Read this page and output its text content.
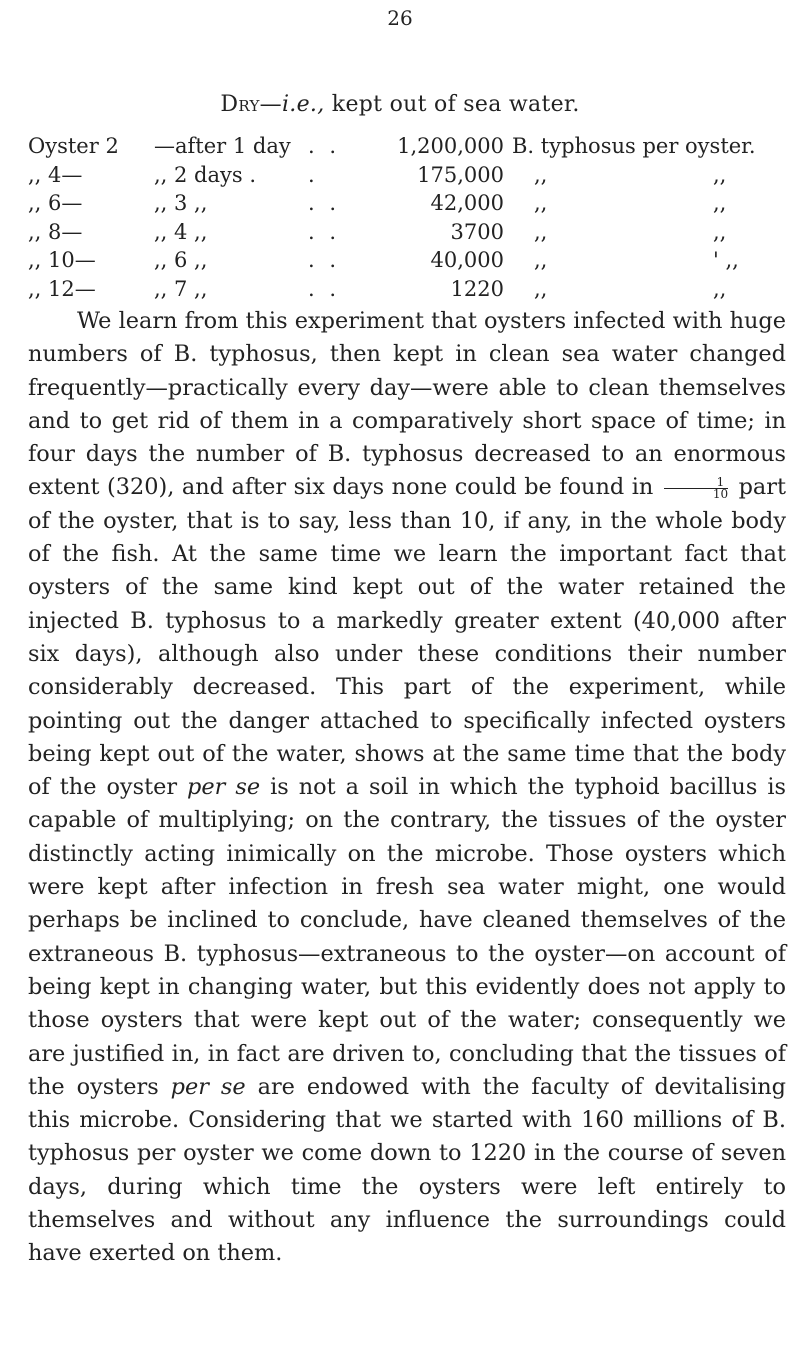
26
Dry—i.e., kept out of sea water.
Oyster 2 —after 1 day . .	1,200,000 B. typhosus per oyster.
,, 4—	,, 2 days . .	175,000 ,,	,,
,, 6—	,, 3 ,,	. .	42,000 ,,	,,
,, 8—	,, 4 ,,	. .	3700 ,,	,,
,, 10—	,, 6 ,,	. .	40,000 ,,	' ,,
,, 12—	,, 7 ,,	. .	1220 ,,	,,

We learn from this experiment that oysters infected with huge numbers of B. typhosus, then kept in clean sea water changed frequently—practically every day—were able to clean themselves and to get rid of them in a comparatively short space of time; in four days the number of B. typhosus decreased to an enormous extent (320), and after six days none could be found in $\frac{1}{10}$ part of the oyster, that is to say, less than 10, if any, in the whole body of the fish. At the same time we learn the important fact that oysters of the same kind kept out of the water retained the injected B. typhosus to a markedly greater extent (40,000 after six days), although also under these conditions their number considerably decreased. This part of the experiment, while pointing out the danger attached to specifically infected oysters being kept out of the water, shows at the same time that the body of the oyster per se is not a soil in which the typhoid bacillus is capable of multiplying; on the contrary, the tissues of the oyster distinctly acting inimically on the microbe. Those oysters which were kept after infection in fresh sea water might, one would perhaps be inclined to conclude, have cleaned themselves of the extraneous B. typhosus—extraneous to the oyster—on account of being kept in changing water, but this evidently does not apply to those oysters that were kept out of the water; consequently we are justified in, in fact are driven to, concluding that the tissues of the oysters per se are endowed with the faculty of devitalising this microbe. Considering that we started with 160 millions of B. typhosus per oyster we come down to 1220 in the course of seven days, during which time the oysters were left entirely to themselves and without any influence the surroundings could have exerted on them.
